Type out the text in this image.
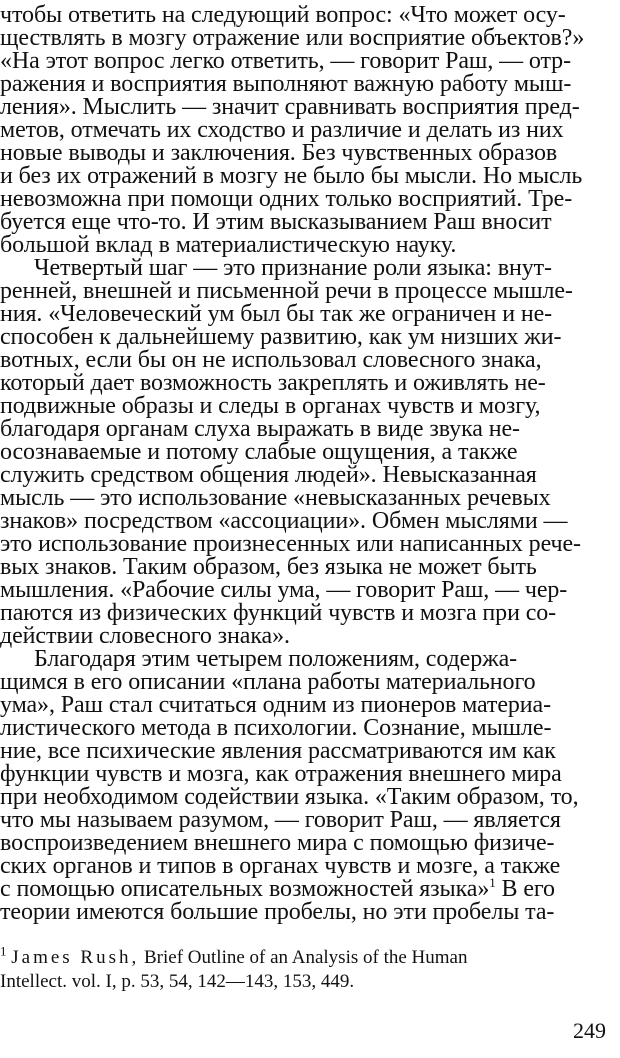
чтобы ответить на следующий вопрос: «Что может осу-
ществлять в мозгу отражение или восприятие объектов?»
«На этот вопрос легко ответить, — говорит Раш, — отр-
ражения и восприятия выполняют важную работу мыш-
ления». Мыслить — значит сравнивать восприятия пред-
метов, отмечать их сходство и различие и делать из них
новые выводы и заключения. Без чувственных образов
и без их отражений в мозгу не было бы мысли. Но мысль
невозможна при помощи одних только восприятий. Тре-
буется еще что-то. И этим высказыванием Раш вносит
большой вклад в материалистическую науку.
Четвертый шаг — это признание роли языка: внут-
ренней, внешней и письменной речи в процессе мышле-
ния. «Человеческий ум был бы так же ограничен и не-
способен к дальнейшему развитию, как ум низших жи-
вотных, если бы он не использовал словесного знака,
который дает возможность закреплять и оживлять не-
подвижные образы и следы в органах чувств и мозгу,
благодаря органам слуха выражать в виде звука не-
осознаваемые и потому слабые ощущения, а также
служить средством общения людей». Невысказанная
мысль — это использование «невысказанных речевых
знаков» посредством «ассоциации». Обмен мыслями —
это использование произнесенных или написанных рече-
вых знаков. Таким образом, без языка не может быть
мышления. «Рабочие силы ума, — говорит Раш, — чер-
паются из физических функций чувств и мозга при со-
действии словесного знака».
Благодаря этим четырем положениям, содержа-
щимся в его описании «плана работы материального
ума», Раш стал считаться одним из пионеров материа-
листического метода в психологии. Сознание, мышле-
ние, все психические явления рассматриваются им как
функции чувств и мозга, как отражения внешнего мира
при необходимом содействии языка. «Таким образом, то,
что мы называем разумом, — говорит Раш, — является
воспроизведением внешнего мира с помощью физиче-
ских органов и типов в органах чувств и мозге, а также
с помощью описательных возможностей языка»$^1$ В его
теории имеются большие пробелы, но эти пробелы та-
$^1$ James Rush, Brief Outline of an Analysis of the Human
Intellect. vol. I, p. 53, 54, 142—143, 153, 449.
249
